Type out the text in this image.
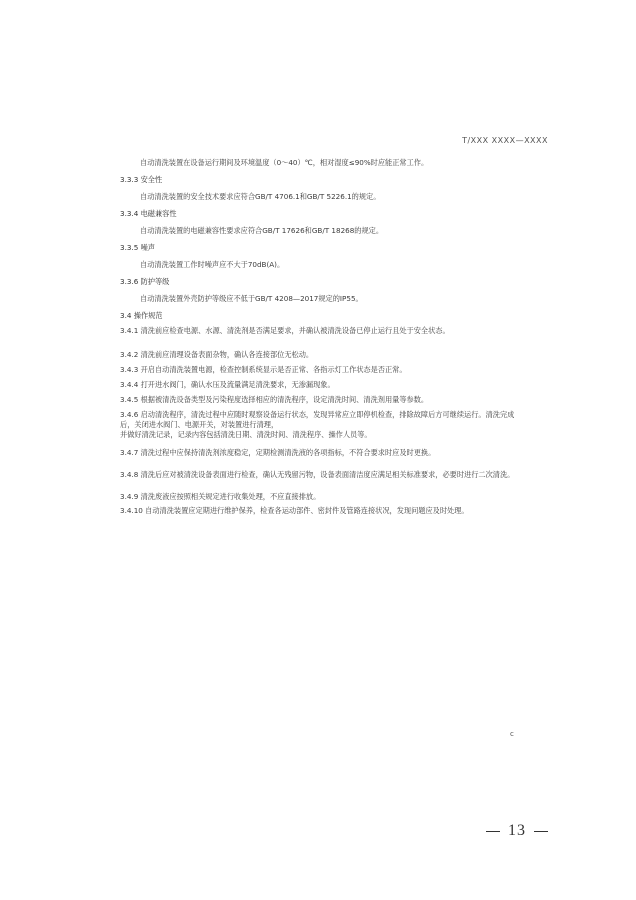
T/XXX XXXX—XXXX
自动清洗装置在设备运行期间及环境温度（0～40）℃，相对湿度≤90%时应能正常工作。
3.3.3 安全性
自动清洗装置的安全技术要求应符合GB/T 4706.1和GB/T 5226.1的规定。
3.3.4 电磁兼容性
自动清洗装置的电磁兼容性要求应符合GB/T 17626和GB/T 18268的规定。
3.3.5 噪声
自动清洗装置工作时噪声应不大于70dB(A)。
3.3.6 防护等级
自动清洗装置外壳防护等级应不低于GB/T 4208—2017规定的IP55。
3.4 操作规范
3.4.1 清洗前应检查电源、水源、清洗剂是否满足要求，并确认被清洗设备已停止运行且处于安全状态。
3.4.2 清洗前应清理设备表面杂物，确认各连接部位无松动。
3.4.3 开启自动清洗装置电源，检查控制系统显示是否正常、各指示灯工作状态是否正常。
3.4.4 打开进水阀门，确认水压及流量满足清洗要求，无渗漏现象。
3.4.5 根据被清洗设备类型及污染程度选择相应的清洗程序，设定清洗时间、清洗剂用量等参数。
3.4.6 启动清洗程序，清洗过程中应随时观察设备运行状态，发现异常应立即停机检查，排除故障后方可继续运行。清洗完成后，关闭进水阀门、电源开关，对装置进行清理，
并做好清洗记录，记录内容包括清洗日期、清洗时间、清洗程序、操作人员等。
3.4.7 清洗过程中应保持清洗剂浓度稳定，定期检测清洗液的各项指标，不符合要求时应及时更换。
3.4.8 清洗后应对被清洗设备表面进行检查，确认无残留污物，设备表面清洁度应满足相关标准要求，必要时进行二次清洗。
3.4.9 清洗废液应按照相关规定进行收集处理，不应直接排放。
3.4.10 自动清洗装置应定期进行维护保养，检查各运动部件、密封件及管路连接状况，发现问题应及时处理。
c
13
